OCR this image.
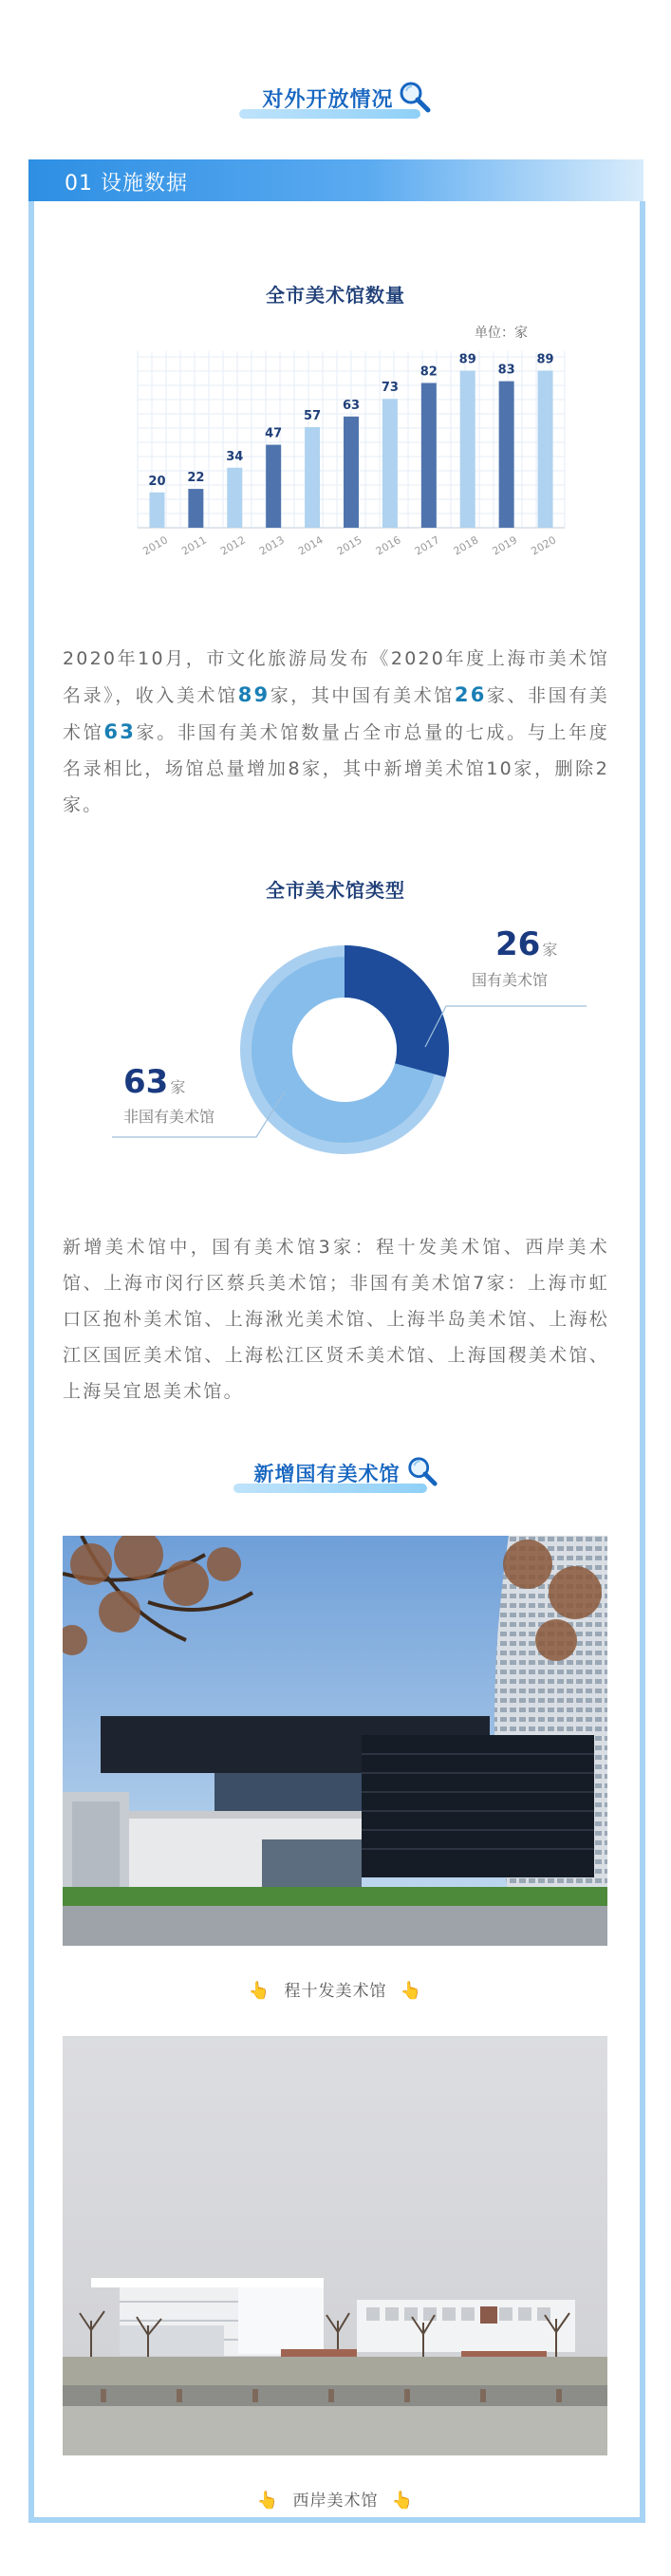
对外开放情况
01 设施数据
全市美术馆数量
单位：家
20
2010
22
2011
34
2012
47
2013
57
2014
63
2015
73
2016
82
2017
89
2018
83
2019
89
2020
2020年10月，市文化旅游局发布《2020年度上海市美术馆名录》，收入美术馆89家，其中国有美术馆26家、非国有美术馆63家。非国有美术馆数量占全市总量的七成。与上年度名录相比，场馆总量增加8家，其中新增美术馆10家，删除2家。
全市美术馆类型
26 家
国有美术馆
63 家
非国有美术馆
新增美术馆中，国有美术馆3家：程十发美术馆、西岸美术馆、上海市闵行区蔡兵美术馆；非国有美术馆7家：上海市虹口区抱朴美术馆、上海湫光美术馆、上海半岛美术馆、上海松江区国匠美术馆、上海松江区贤禾美术馆、上海国稷美术馆、上海吴宜恩美术馆。
新增国有美术馆
👆 程十发美术馆 👆
👆 西岸美术馆 👆
